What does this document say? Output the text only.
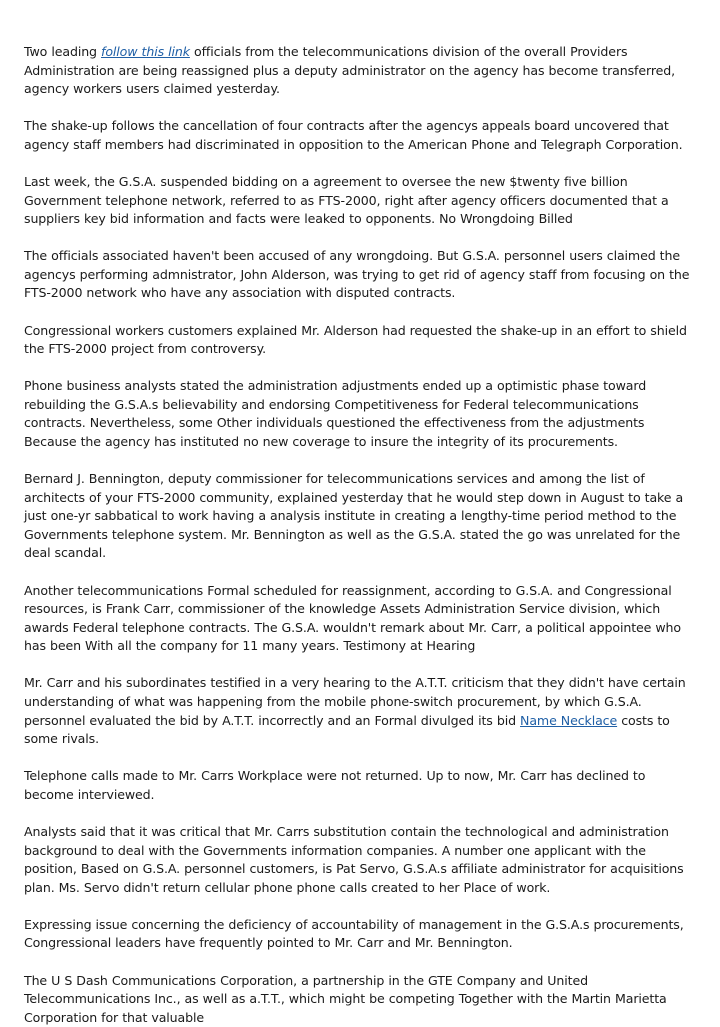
Two leading follow this link officials from the telecommunications division of the overall Providers Administration are being reassigned plus a deputy administrator on the agency has become transferred, agency workers users claimed yesterday.

The shake-up follows the cancellation of four contracts after the agencys appeals board uncovered that agency staff members had discriminated in opposition to the American Phone and Telegraph Corporation.

Last week, the G.S.A. suspended bidding on a agreement to oversee the new $twenty five billion Government telephone network, referred to as FTS-2000, right after agency officers documented that a suppliers key bid information and facts were leaked to opponents. No Wrongdoing Billed

The officials associated haven't been accused of any wrongdoing. But G.S.A. personnel users claimed the agencys performing admnistrator, John Alderson, was trying to get rid of agency staff from focusing on the FTS-2000 network who have any association with disputed contracts.

Congressional workers customers explained Mr. Alderson had requested the shake-up in an effort to shield the FTS-2000 project from controversy.

Phone business analysts stated the administration adjustments ended up a optimistic phase toward rebuilding the G.S.A.s believability and endorsing Competitiveness for Federal telecommunications contracts. Nevertheless, some Other individuals questioned the effectiveness from the adjustments Because the agency has instituted no new coverage to insure the integrity of its procurements.

Bernard J. Bennington, deputy commissioner for telecommunications services and among the list of architects of your FTS-2000 community, explained yesterday that he would step down in August to take a just one-yr sabbatical to work having a analysis institute in creating a lengthy-time period method to the Governments telephone system. Mr. Bennington as well as the G.S.A. stated the go was unrelated for the deal scandal.

Another telecommunications Formal scheduled for reassignment, according to G.S.A. and Congressional resources, is Frank Carr, commissioner of the knowledge Assets Administration Service division, which awards Federal telephone contracts. The G.S.A. wouldn't remark about Mr. Carr, a political appointee who has been With all the company for 11 many years. Testimony at Hearing

Mr. Carr and his subordinates testified in a very hearing to the A.T.T. criticism that they didn't have certain understanding of what was happening from the mobile phone-switch procurement, by which G.S.A. personnel evaluated the bid by A.T.T. incorrectly and an Formal divulged its bid Name Necklace costs to some rivals.

Telephone calls made to Mr. Carrs Workplace were not returned. Up to now, Mr. Carr has declined to become interviewed.

Analysts said that it was critical that Mr. Carrs substitution contain the technological and administration background to deal with the Governments information companies. A number one applicant with the position, Based on G.S.A. personnel customers, is Pat Servo, G.S.A.s affiliate administrator for acquisitions plan. Ms. Servo didn't return cellular phone phone calls created to her Place of work.

Expressing issue concerning the deficiency of accountability of management in the G.S.A.s procurements, Congressional leaders have frequently pointed to Mr. Carr and Mr. Bennington.

The U S Dash Communications Corporation, a partnership in the GTE Company and United Telecommunications Inc., as well as a.T.T., which might be competing Together with the Martin Marietta Corporation for that valuable
